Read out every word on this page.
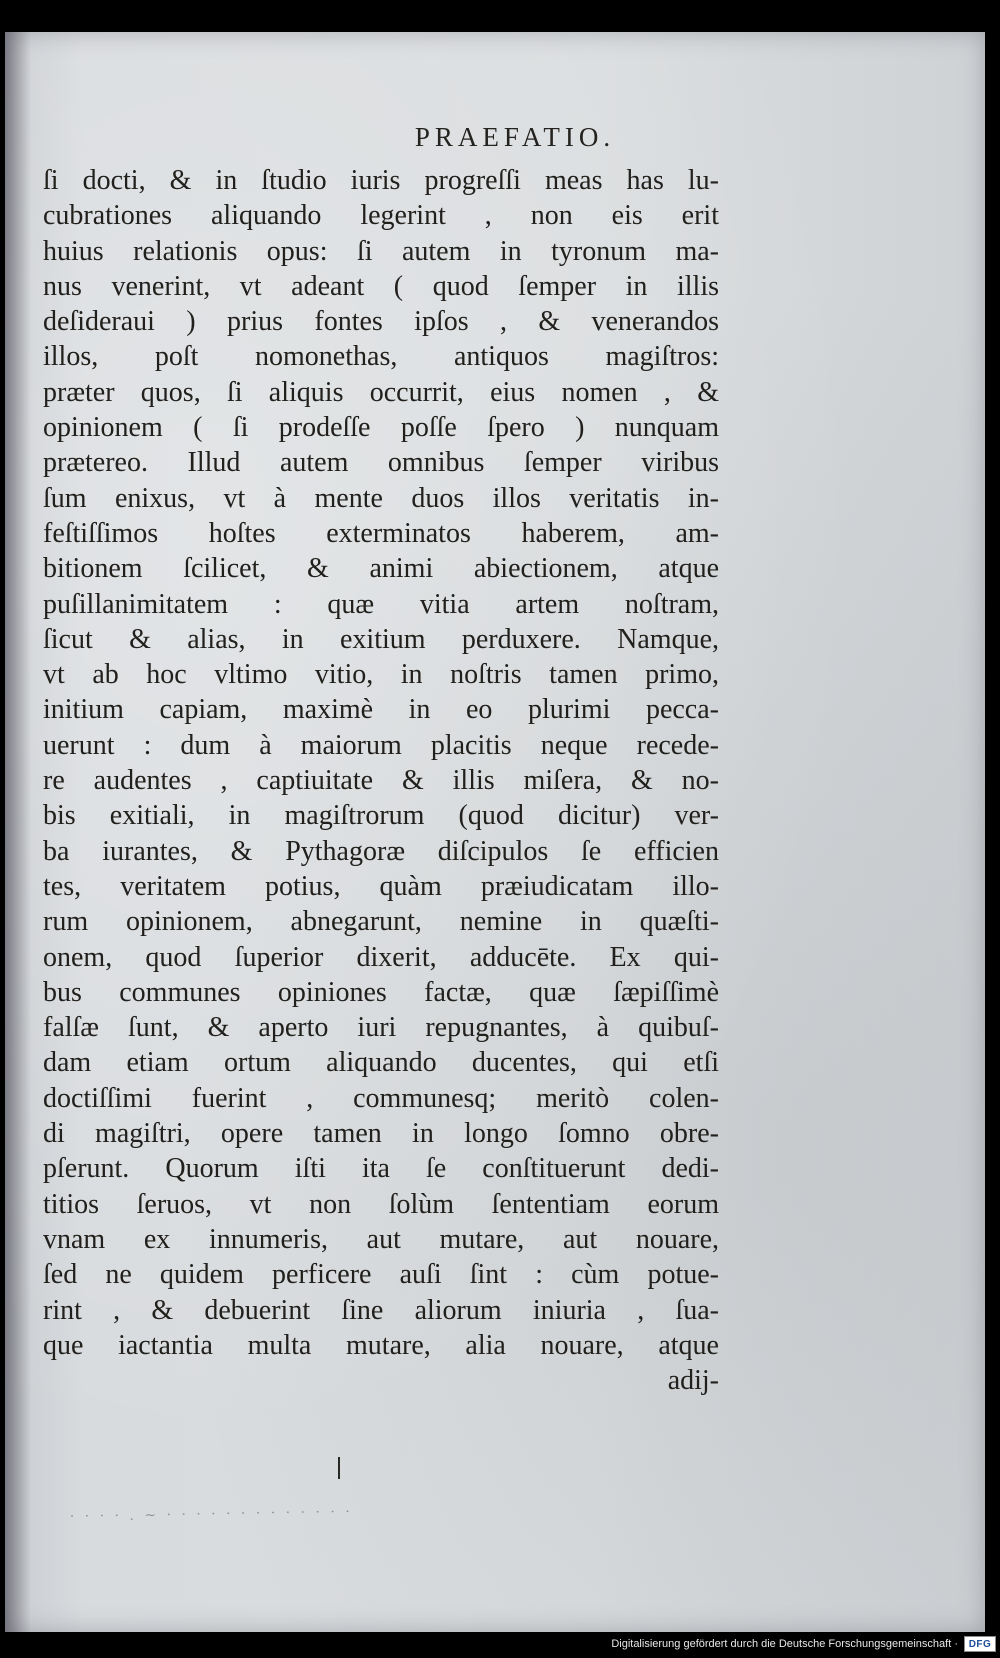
PRAEFATIO.
ſi docti, & in ſtudio iuris progreſſi meas has lu-
cubrationes aliquando legerint , non eis erit
huius relationis opus: ſi autem in tyronum ma-
nus venerint, vt adeant ( quod ſemper in illis
deſideraui ) prius fontes ipſos , & venerandos
illos, poſt nomonethas, antiquos magiſtros:
præter quos, ſi aliquis occurrit, eius nomen , &
opinionem ( ſi prodeſſe poſſe ſpero ) nunquam
prætereo. Illud autem omnibus ſemper viribus
ſum enixus, vt à mente duos illos veritatis in-
feſtiſſimos hoſtes exterminatos haberem, am-
bitionem ſcilicet, & animi abiectionem, atque
puſillanimitatem : quæ vitia artem noſtram,
ſicut & alias, in exitium perduxere. Namque,
vt ab hoc vltimo vitio, in noſtris tamen primo,
initium capiam, maximè in eo plurimi pecca-
uerunt : dum à maiorum placitis neque recede-
re audentes , captiuitate & illis miſera, & no-
bis exitiali, in magiſtrorum (quod dicitur) ver-
ba iurantes, & Pythagoræ diſcipulos ſe efficien
tes, veritatem potius, quàm præiudicatam illo-
rum opinionem, abnegarunt, nemine in quæſti-
onem, quod ſuperior dixerit, adducēte. Ex qui-
bus communes opiniones factæ, quæ ſæpiſſimè
falſæ ſunt, & aperto iuri repugnantes, à quibuſ-
dam etiam ortum aliquando ducentes, qui etſi
doctiſſimi fuerint , communesq; meritò colen-
di magiſtri, opere tamen in longo ſomno obre-
pſerunt. Quorum iſti ita ſe conſtituerunt dedi-
titios ſeruos, vt non ſolùm ſententiam eorum
vnam ex innumeris, aut mutare, aut nouare,
ſed ne quidem perficere auſi ſint : cùm potue-
rint , & debuerint ſine aliorum iniuria , ſua-
que iactantia multa mutare, alia nouare, atque
adij-
· · · · . ~ · · · · · · · · · · · · ·
Digitalisierung gefördert durch die Deutsche Forschungsgemeinschaft ·	DFG
